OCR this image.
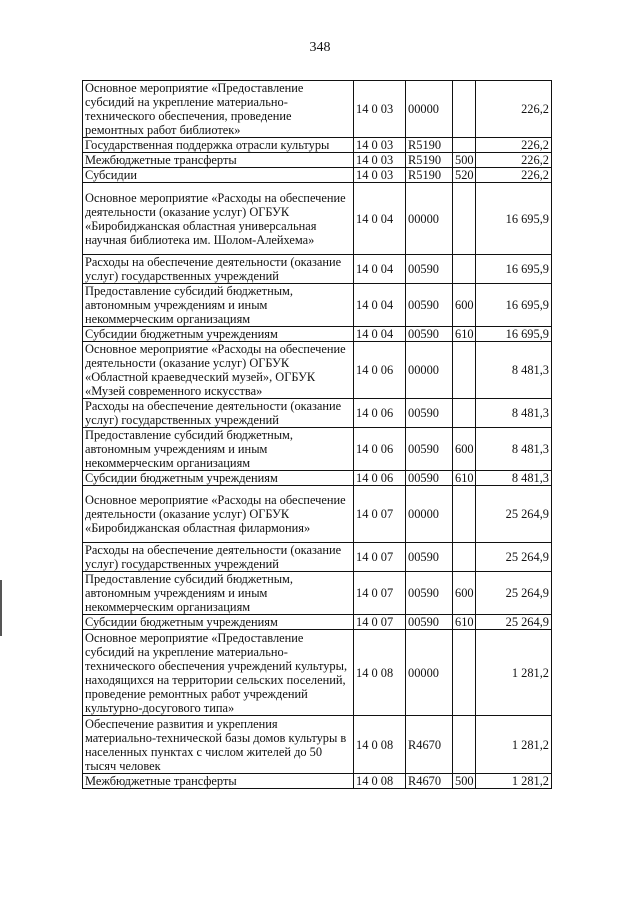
348
Основное мероприятие «Предоставление субсидий на укрепление материально-технического обеспечения, проведение ремонтных работ библиотек»	14 0 03	00000		226,2
Государственная поддержка отрасли культуры	14 0 03	R5190		226,2
Межбюджетные трансферты	14 0 03	R5190	500	226,2
Субсидии	14 0 03	R5190	520	226,2
Основное мероприятие «Расходы на обеспечение деятельности (оказание услуг) ОГБУК «Биробиджанская областная универсальная научная библиотека им. Шолом-Алейхема»	14 0 04	00000		16 695,9
Расходы на обеспечение деятельности (оказание услуг) государственных учреждений	14 0 04	00590		16 695,9
Предоставление субсидий бюджетным, автономным учреждениям и иным некоммерческим организациям	14 0 04	00590	600	16 695,9
Субсидии бюджетным учреждениям	14 0 04	00590	610	16 695,9
Основное мероприятие «Расходы на обеспечение деятельности (оказание услуг) ОГБУК «Областной краеведческий музей», ОГБУК «Музей современного искусства»	14 0 06	00000		8 481,3
Расходы на обеспечение деятельности (оказание услуг) государственных учреждений	14 0 06	00590		8 481,3
Предоставление субсидий бюджетным, автономным учреждениям и иным некоммерческим организациям	14 0 06	00590	600	8 481,3
Субсидии бюджетным учреждениям	14 0 06	00590	610	8 481,3
Основное мероприятие «Расходы на обеспечение деятельности (оказание услуг) ОГБУК «Биробиджанская областная филармония»	14 0 07	00000		25 264,9
Расходы на обеспечение деятельности (оказание услуг) государственных учреждений	14 0 07	00590		25 264,9
Предоставление субсидий бюджетным, автономным учреждениям и иным некоммерческим организациям	14 0 07	00590	600	25 264,9
Субсидии бюджетным учреждениям	14 0 07	00590	610	25 264,9
Основное мероприятие «Предоставление субсидий на укрепление материально-технического обеспечения учреждений культуры, находящихся на территории сельских поселений, проведение ремонтных работ учреждений культурно-досугового типа»	14 0 08	00000		1 281,2
Обеспечение развития и укрепления материально-технической базы домов культуры в населенных пунктах с числом жителей до 50 тысяч человек	14 0 08	R4670		1 281,2
Межбюджетные трансферты	14 0 08	R4670	500	1 281,2
